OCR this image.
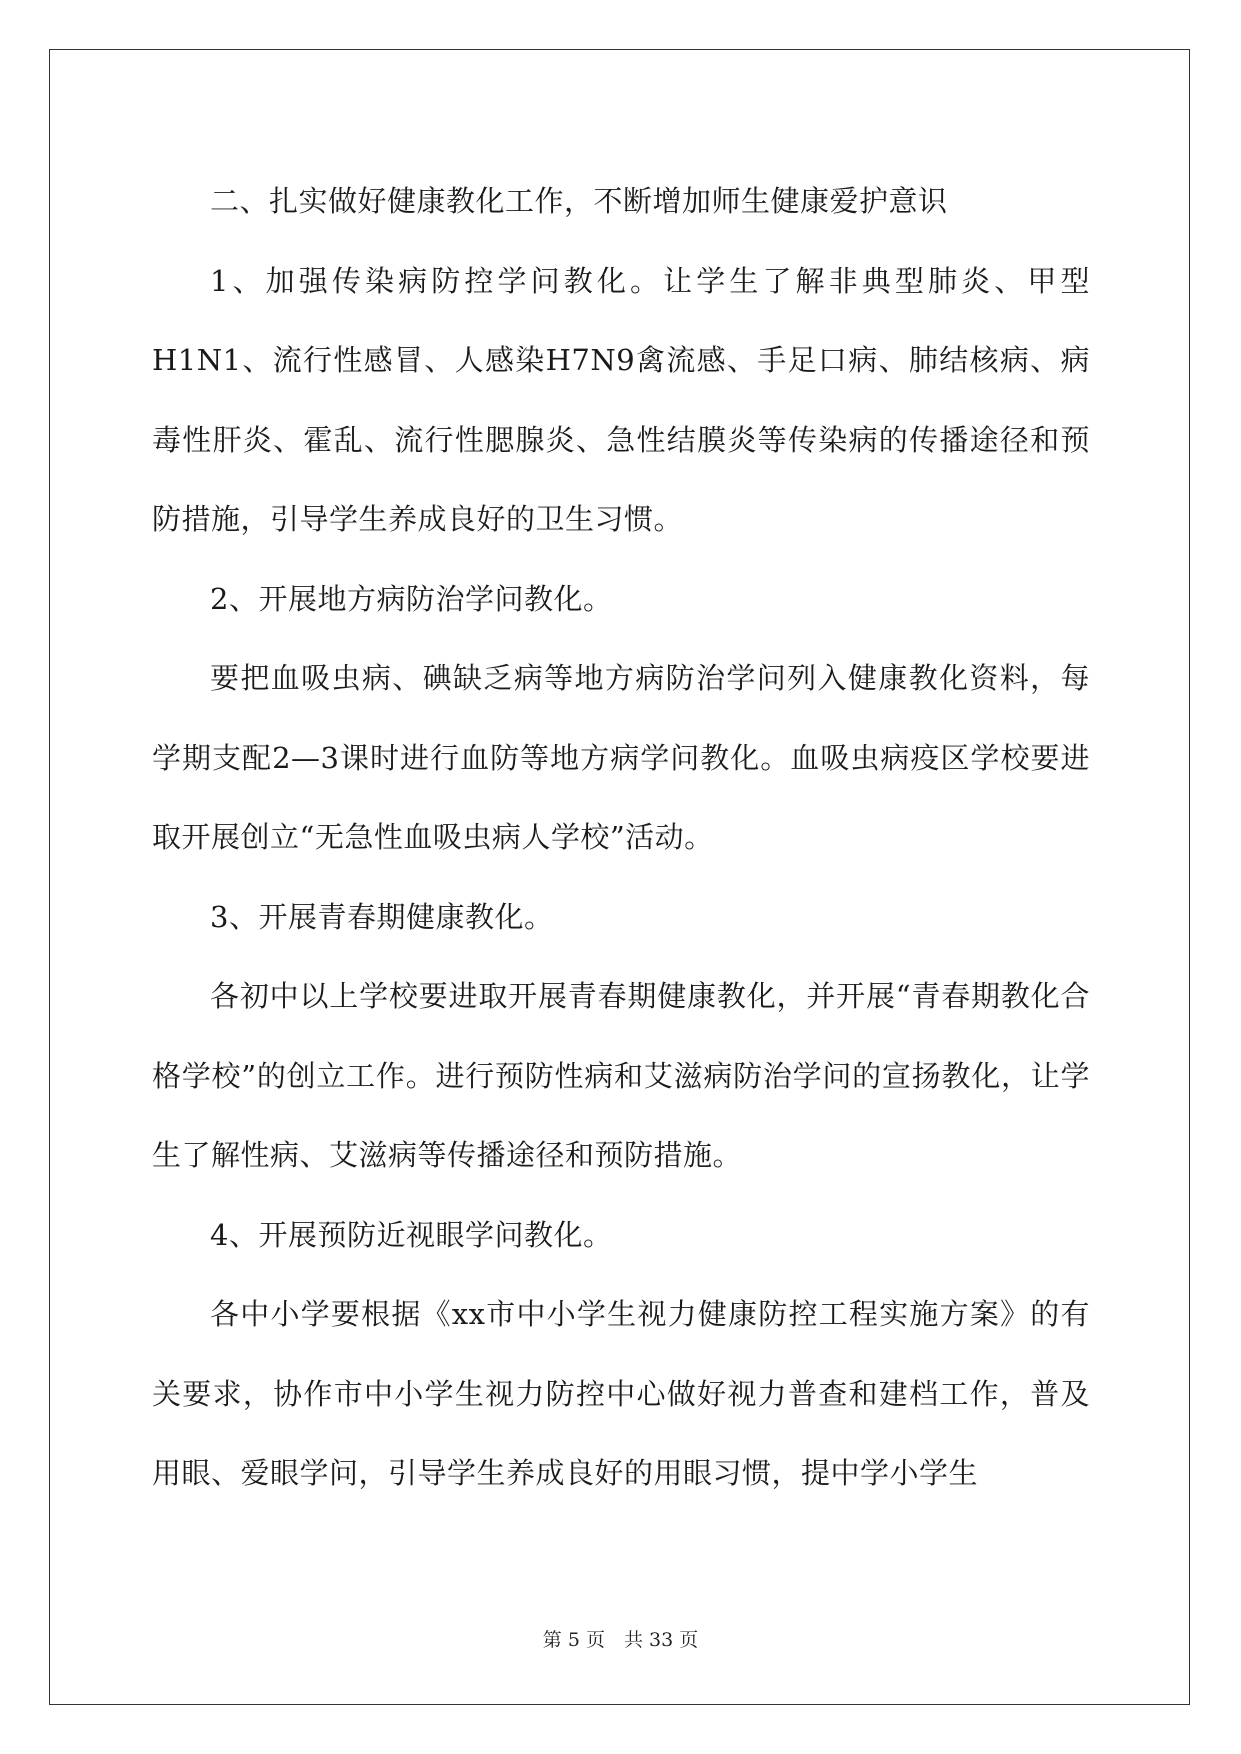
二、扎实做好健康教化工作，不断增加师生健康爱护意识

1、加强传染病防控学问教化。让学生了解非典型肺炎、甲型H1N1、流行性感冒、人感染H7N9禽流感、手足口病、肺结核病、病毒性肝炎、霍乱、流行性腮腺炎、急性结膜炎等传染病的传播途径和预防措施，引导学生养成良好的卫生习惯。

2、开展地方病防治学问教化。

要把血吸虫病、碘缺乏病等地方病防治学问列入健康教化资料，每学期支配2—3课时进行血防等地方病学问教化。血吸虫病疫区学校要进取开展创立“无急性血吸虫病人学校”活动。

3、开展青春期健康教化。

各初中以上学校要进取开展青春期健康教化，并开展“青春期教化合格学校”的创立工作。进行预防性病和艾滋病防治学问的宣扬教化，让学生了解性病、艾滋病等传播途径和预防措施。

4、开展预防近视眼学问教化。

各中小学要根据《xx市中小学生视力健康防控工程实施方案》的有关要求，协作市中小学生视力防控中心做好视力普查和建档工作，普及用眼、爱眼学问，引导学生养成良好的用眼习惯，提中学小学生

第 5 页　共 33 页
